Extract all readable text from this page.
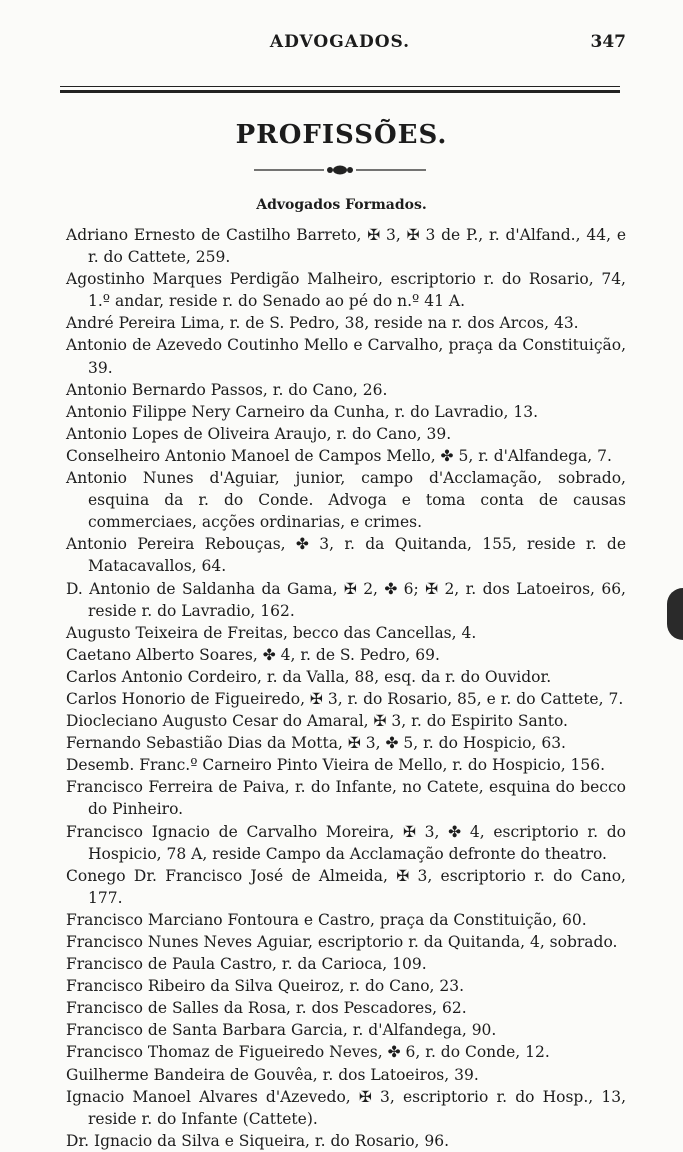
ADVOGADOS.	347
PROFISSÕES.
Advogados Formados.
Adriano Ernesto de Castilho Barreto, ✠ 3, ✠ 3 de P., r. d'Alfand., 44, e r. do Cattete, 259.
Agostinho Marques Perdigão Malheiro, escriptorio r. do Rosario, 74, 1.º andar, reside r. do Senado ao pé do n.º 41 A.
André Pereira Lima, r. de S. Pedro, 38, reside na r. dos Arcos, 43.
Antonio de Azevedo Coutinho Mello e Carvalho, praça da Constituição, 39.
Antonio Bernardo Passos, r. do Cano, 26.
Antonio Filippe Nery Carneiro da Cunha, r. do Lavradio, 13.
Antonio Lopes de Oliveira Araujo, r. do Cano, 39.
Conselheiro Antonio Manoel de Campos Mello, ✤ 5, r. d'Alfandega, 7.
Antonio Nunes d'Aguiar, junior, campo d'Acclamação, sobrado, esquina da r. do Conde. Advoga e toma conta de causas commerciaes, acções ordinarias, e crimes.
Antonio Pereira Rebouças, ✤ 3, r. da Quitanda, 155, reside r. de Matacavallos, 64.
D. Antonio de Saldanha da Gama, ✠ 2, ✤ 6; ✠ 2, r. dos Latoeiros, 66, reside r. do Lavradio, 162.
Augusto Teixeira de Freitas, becco das Cancellas, 4.
Caetano Alberto Soares, ✤ 4, r. de S. Pedro, 69.
Carlos Antonio Cordeiro, r. da Valla, 88, esq. da r. do Ouvidor.
Carlos Honorio de Figueiredo, ✠ 3, r. do Rosario, 85, e r. do Cattete, 7.
Diocleciano Augusto Cesar do Amaral, ✠ 3, r. do Espirito Santo.
Fernando Sebastião Dias da Motta, ✠ 3, ✤ 5, r. do Hospicio, 63.
Desemb. Franc.º Carneiro Pinto Vieira de Mello, r. do Hospicio, 156.
Francisco Ferreira de Paiva, r. do Infante, no Catete, esquina do becco do Pinheiro.
Francisco Ignacio de Carvalho Moreira, ✠ 3, ✤ 4, escriptorio r. do Hospicio, 78 A, reside Campo da Acclamação defronte do theatro.
Conego Dr. Francisco José de Almeida, ✠ 3, escriptorio r. do Cano, 177.
Francisco Marciano Fontoura e Castro, praça da Constituição, 60.
Francisco Nunes Neves Aguiar, escriptorio r. da Quitanda, 4, sobrado.
Francisco de Paula Castro, r. da Carioca, 109.
Francisco Ribeiro da Silva Queiroz, r. do Cano, 23.
Francisco de Salles da Rosa, r. dos Pescadores, 62.
Francisco de Santa Barbara Garcia, r. d'Alfandega, 90.
Francisco Thomaz de Figueiredo Neves, ✤ 6, r. do Conde, 12.
Guilherme Bandeira de Gouvêa, r. dos Latoeiros, 39.
Ignacio Manoel Alvares d'Azevedo, ✠ 3, escriptorio r. do Hosp., 13, reside r. do Infante (Cattete).
Dr. Ignacio da Silva e Siqueira, r. do Rosario, 96.
